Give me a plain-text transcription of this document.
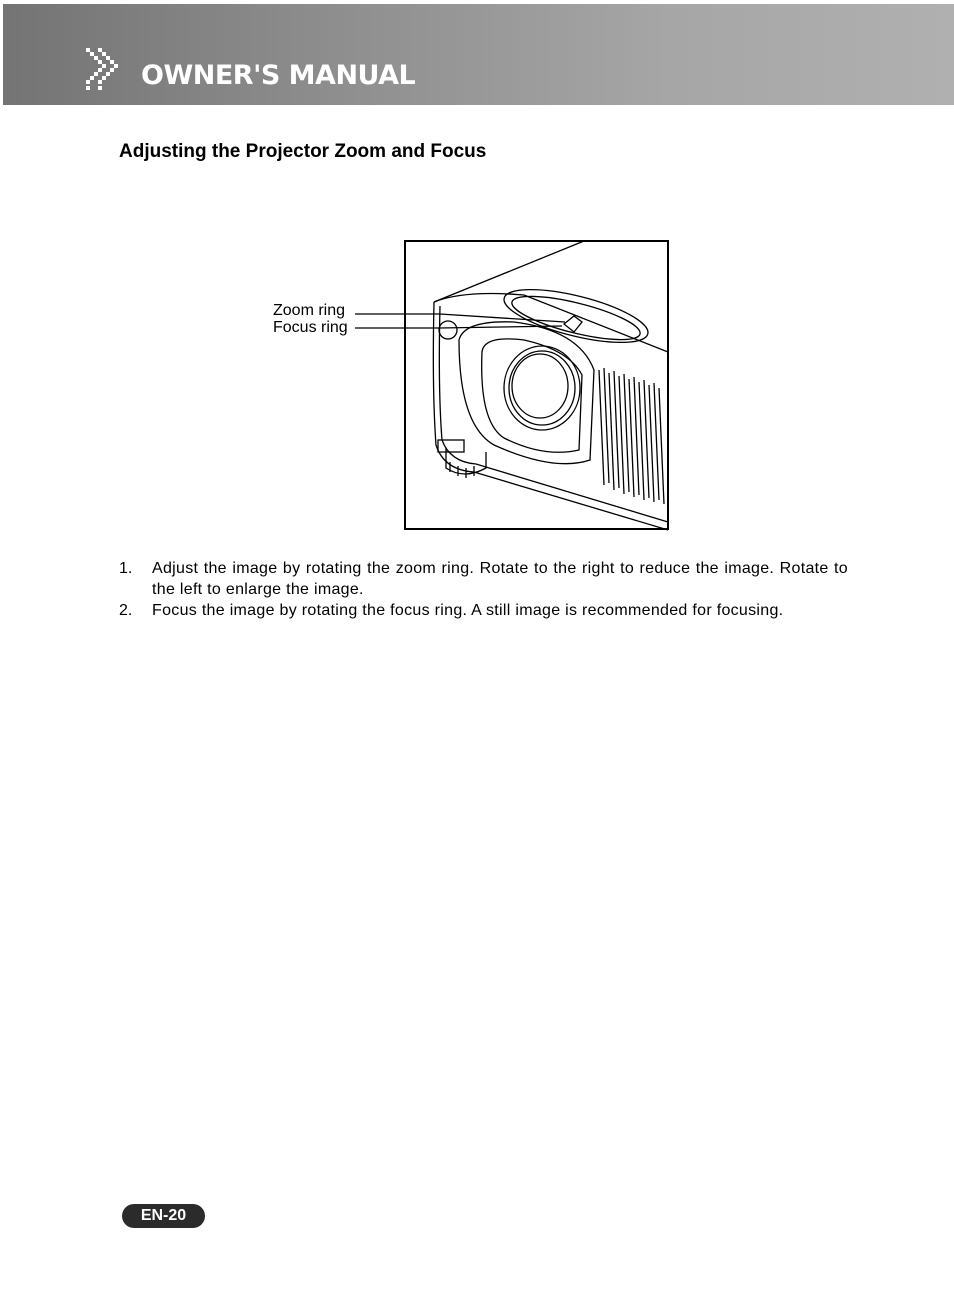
OWNER'S MANUAL
Adjusting the Projector Zoom and Focus
Zoom ring
Focus ring
1. Adjust the image by rotating the zoom ring. Rotate to the right to reduce the image. Rotate to the left to enlarge the image.
2. Focus the image by rotating the focus ring. A still image is recommended for focusing.
EN-20
